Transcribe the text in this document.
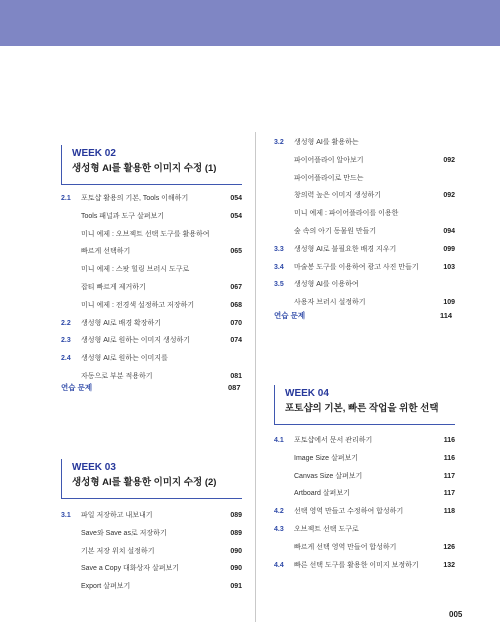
WEEK 02
생성형 AI를 활용한 이미지 수정 (1)
WEEK 03
생성형 AI를 활용한 이미지 수정 (2)
WEEK 04
포토샵의 기본, 빠른 작업을 위한 선택
2.1 포토샵 활용의 기본, Tools 이해하기	054
Tools 패널과 도구 살펴보기	054
미니 예제 : 오브젝트 선택 도구를 활용하여
빠르게 선택하기	065
미니 예제 : 스팟 힐링 브러시 도구로
잡티 빠르게 제거하기	067
미니 예제 : 전경색 설정하고 저장하기	068
2.2 생성형 AI로 배경 확장하기	070
2.3 생성형 AI로 원하는 이미지 생성하기	074
2.4 생성형 AI로 원하는 이미지를
자동으로 부분 적용하기	081
3.1 파일 저장하고 내보내기	089
Save와 Save as로 저장하기	089
기본 저장 위치 설정하기	090
Save a Copy 대화상자 살펴보기	090
Export 살펴보기	091
3.2 생성형 AI를 활용하는
파이어플라이 알아보기	092
파이어플라이로 만드는
창의력 높은 이미지 생성하기	092
미니 예제 : 파이어플라이를 이용한
숲 속의 아기 동물원 만들기	094
3.3 생성형 AI로 불필요한 배경 지우기	099
3.4 마술봉 도구를 이용하여 광고 사진 만들기	103
3.5 생성형 AI를 이용하여
사용자 브러시 설정하기	109
4.1 포토샵에서 문서 관리하기	116
Image Size 살펴보기	116
Canvas Size 살펴보기	117
Artboard 살펴보기	117
4.2 선택 영역 만들고 수정하여 합성하기	118
4.3 오브젝트 선택 도구로
빠르게 선택 영역 만들어 합성하기	126
4.4 빠른 선택 도구를 활용한 이미지 보정하기	132
연습 문제	087
연습 문제	114
005
